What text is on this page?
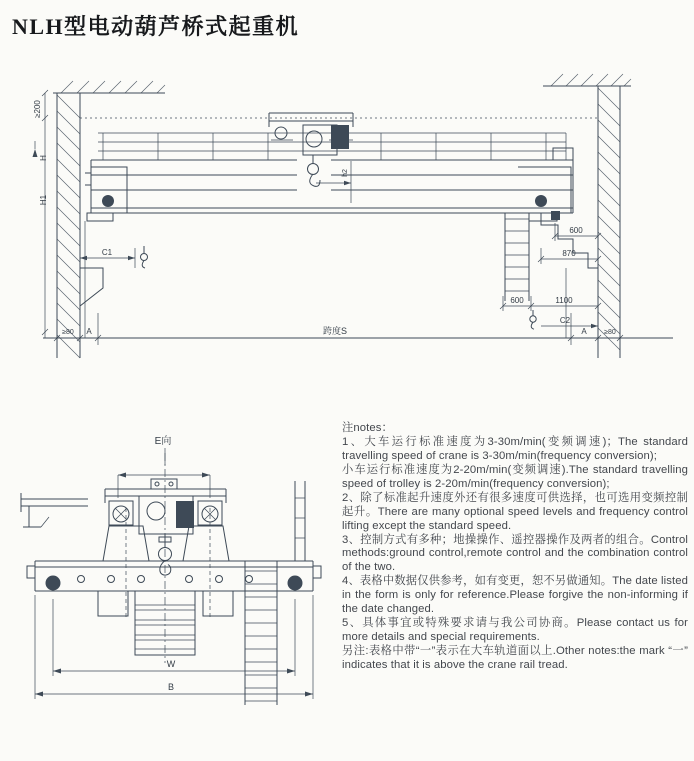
NLH型电动葫芦桥式起重机
h2
≥200
H
H1
C1
600
870
600	1100
C2
≥80 A	跨度S	A	≥80
E向
W
B

注notes：

1、大车运行标准速度为3-30m/min(变频调速)；The standard travelling speed of crane is 3-30m/min(frequency conversion);

小车运行标准速度为2-20m/min(变频调速).The standard travelling speed of trolley is 2-20m/min(frequency conversion);

2、除了标准起升速度外还有很多速度可供选择，也可选用变频控制起升。There are many optional speed levels and frequency control lifting except the standard speed.

3、控制方式有多种；地操操作、遥控器操作及两者的组合。Control methods:ground control,remote control and the combination control of the two.

4、表格中数据仅供参考，如有变更，恕不另做通知。The date listed in the form is only for reference.Please forgive the non-informing if the date changed.

5、具体事宜或特殊要求请与我公司协商。Please contact us for more details and special requirements.

另注:表格中带“一”表示在大车轨道面以上.Other notes:the mark “一” indicates that it is above the crane rail tread.
